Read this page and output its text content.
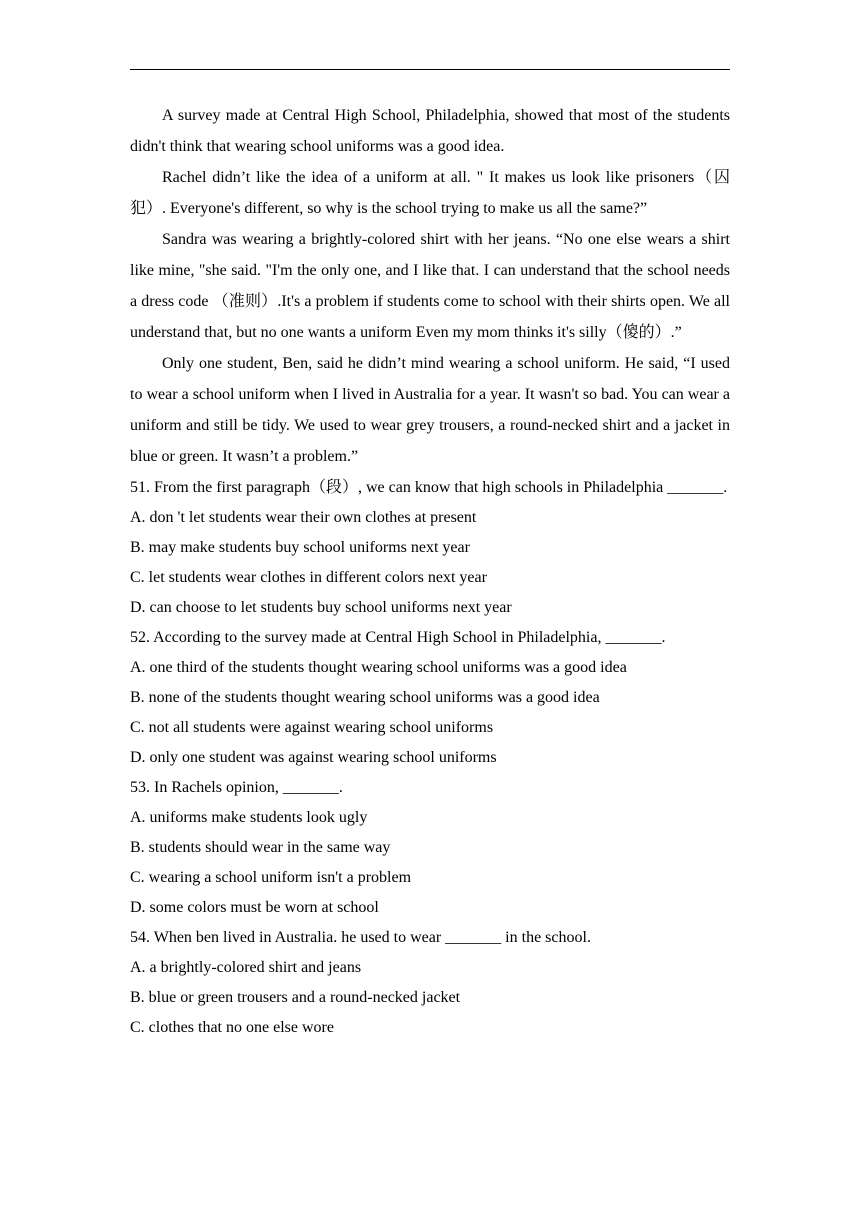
A survey made at Central High School, Philadelphia, showed that most of the students didn't think that wearing school uniforms was a good idea.

Rachel didn’t like the idea of a uniform at all. " It makes us look like prisoners（囚犯）. Everyone's different, so why is the school trying to make us all the same?”

Sandra was wearing a brightly-colored shirt with her jeans. “No one else wears a shirt like mine, "she said. "I'm the only one, and I like that. I can understand that the school needs a dress code （准则）.It's a problem if students come to school with their shirts open. We all understand that, but no one wants a uniform Even my mom thinks it's silly（傻的）.”

Only one student, Ben, said he didn’t mind wearing a school uniform. He said, “I used to wear a school uniform when I lived in Australia for a year. It wasn't so bad. You can wear a uniform and still be tidy. We used to wear grey trousers, a round-necked shirt and a jacket in blue or green. It wasn’t a problem.”

51. From the first paragraph（段）, we can know that high schools in Philadelphia _______.
A. don 't let students wear their own clothes at present
B. may make students buy school uniforms next year
C. let students wear clothes in different colors next year
D. can choose to let students buy school uniforms next year
52. According to the survey made at Central High School in Philadelphia, _______.
A. one third of the students thought wearing school uniforms was a good idea
B. none of the students thought wearing school uniforms was a good idea
C. not all students were against wearing school uniforms
D. only one student was against wearing school uniforms
53. In Rachels opinion, _______.
A. uniforms make students look ugly
B. students should wear in the same way
C. wearing a school uniform isn't a problem
D. some colors must be worn at school
54. When ben lived in Australia. he used to wear _______ in the school.
A. a brightly-colored shirt and jeans
B. blue or green trousers and a round-necked jacket
C. clothes that no one else wore
